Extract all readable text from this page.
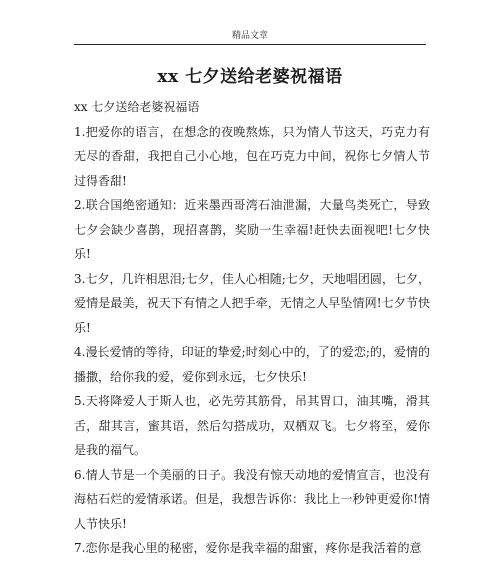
精品文章
xx 七夕送给老婆祝福语

xx 七夕送给老婆祝福语

1.把爱你的语言，在想念的夜晚熬炼，只为情人节这天，巧克力有无尽的香甜，我把自己小心地，包在巧克力中间，祝你七夕情人节过得香甜!

2.联合国绝密通知：近来墨西哥湾石油泄漏，大量鸟类死亡，导致七夕会缺少喜鹊，现招喜鹊，奖励一生幸福!赶快去面视吧!七夕快乐!

3.七夕，几许相思泪;七夕，佳人心相随;七夕，天地唱团圆，七夕，爱情是最美，祝天下有情之人把手牵，无情之人早坠情网!七夕节快乐!

4.漫长爱情的等待，印证的挚爱;时刻心中的，了的爱恋;的，爱情的播撒，给你我的爱，爱你到永远，七夕快乐!

5.天将降爱人于斯人也，必先劳其筋骨，吊其胃口，油其嘴，滑其舌，甜其言，蜜其语，然后勾搭成功，双栖双飞。七夕将至，爱你是我的福气。

6.情人节是一个美丽的日子。我没有惊天动地的爱情宣言，也没有海枯石烂的爱情承诺。但是，我想告诉你：我比上一秒钟更爱你!情人节快乐!

7.恋你是我心里的秘密，爱你是我幸福的甜蜜，疼你是我活着的意
